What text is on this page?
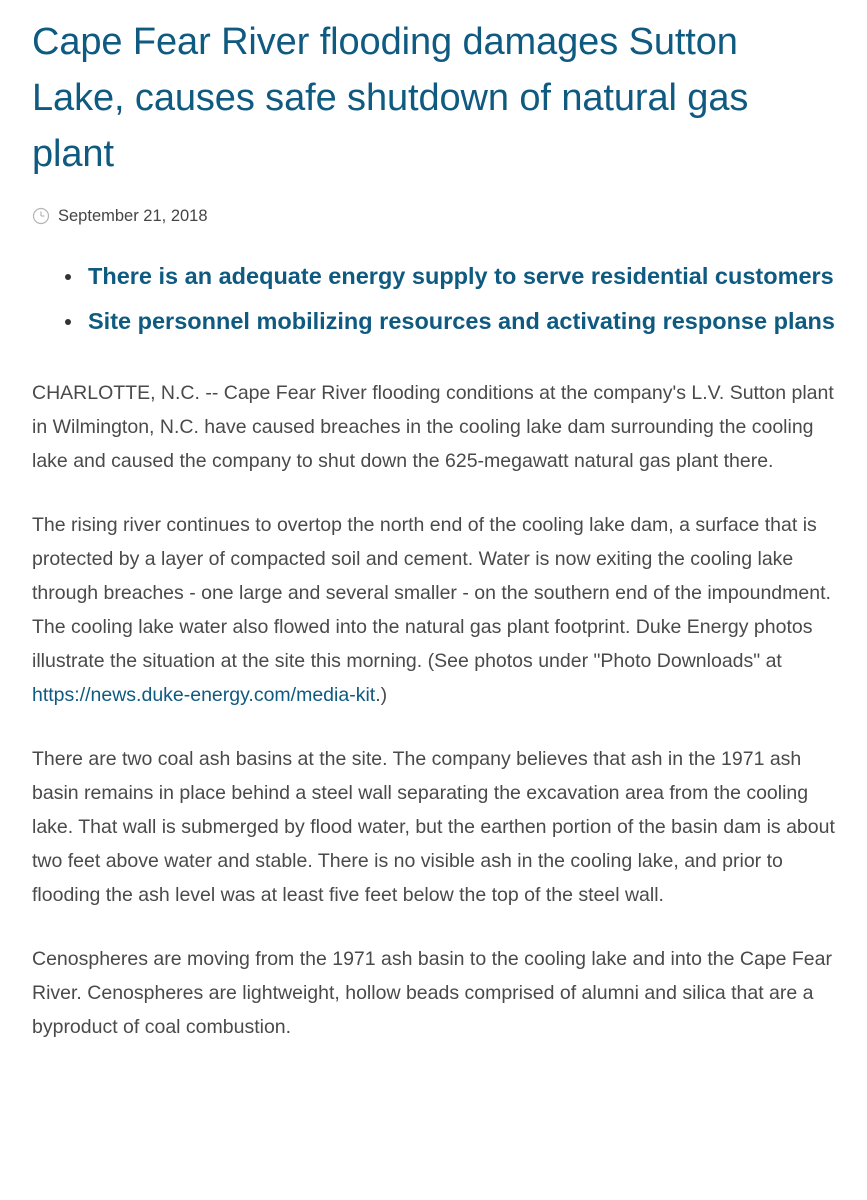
Cape Fear River flooding damages Sutton Lake, causes safe shutdown of natural gas plant
September 21, 2018
There is an adequate energy supply to serve residential customers
Site personnel mobilizing resources and activating response plans

CHARLOTTE, N.C. -- Cape Fear River flooding conditions at the company's L.V. Sutton plant in Wilmington, N.C. have caused breaches in the cooling lake dam surrounding the cooling lake and caused the company to shut down the 625-megawatt natural gas plant there.

The rising river continues to overtop the north end of the cooling lake dam, a surface that is protected by a layer of compacted soil and cement. Water is now exiting the cooling lake through breaches - one large and several smaller - on the southern end of the impoundment. The cooling lake water also flowed into the natural gas plant footprint. Duke Energy photos illustrate the situation at the site this morning. (See photos under "Photo Downloads" at https://news.duke-energy.com/media-kit.)

There are two coal ash basins at the site. The company believes that ash in the 1971 ash basin remains in place behind a steel wall separating the excavation area from the cooling lake. That wall is submerged by flood water, but the earthen portion of the basin dam is about two feet above water and stable. There is no visible ash in the cooling lake, and prior to flooding the ash level was at least five feet below the top of the steel wall.

Cenospheres are moving from the 1971 ash basin to the cooling lake and into the Cape Fear River. Cenospheres are lightweight, hollow beads comprised of alumni and silica that are a byproduct of coal combustion.
